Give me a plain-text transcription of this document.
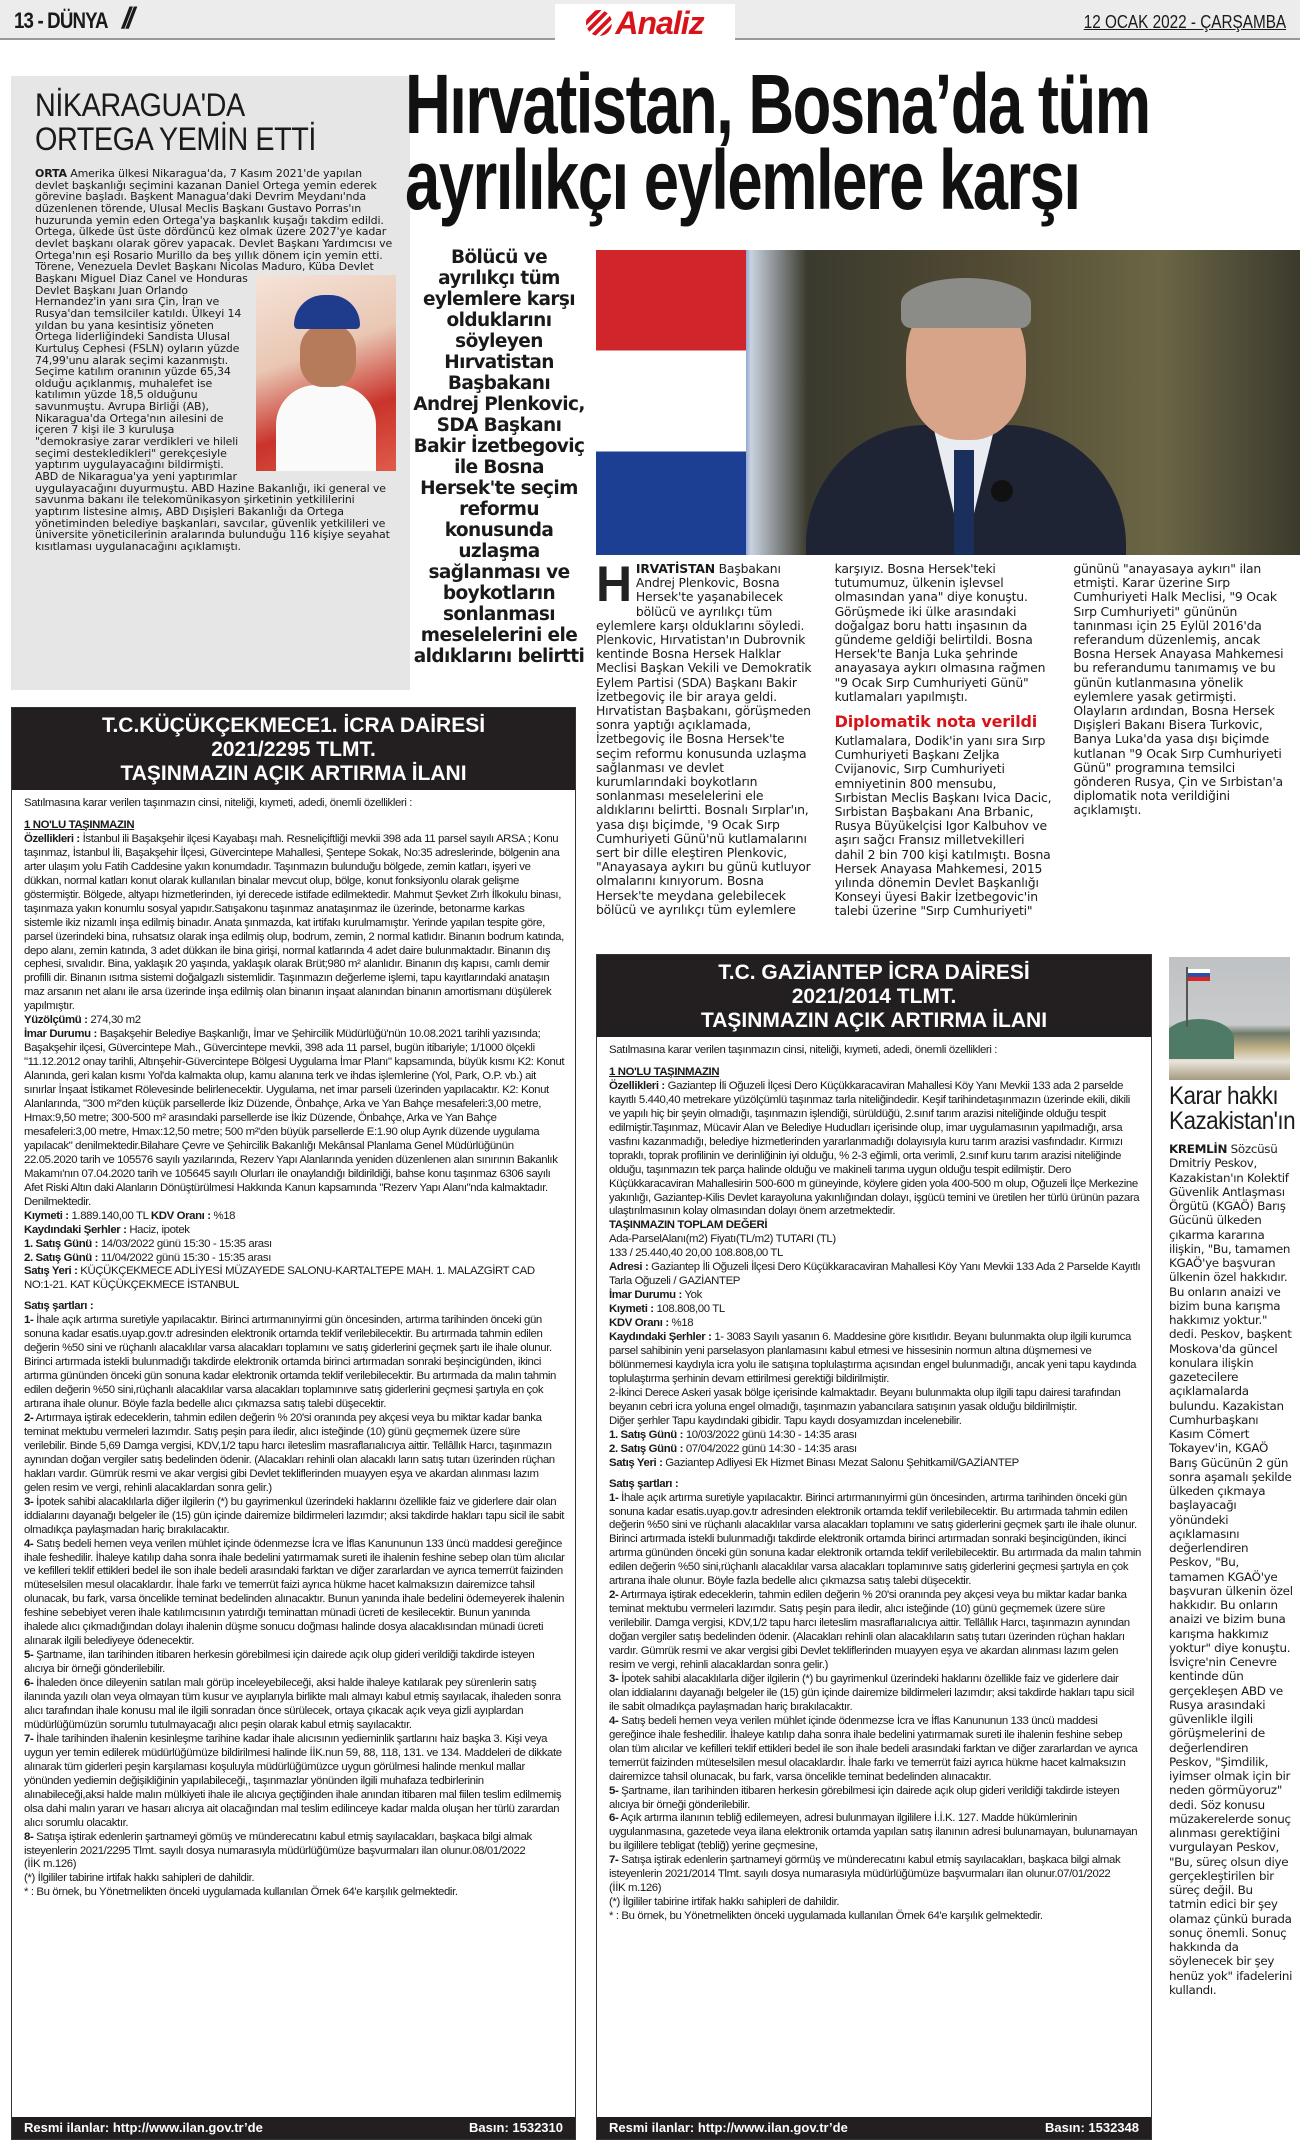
13 - DÜNYA //	Analiz	12 OCAK 2022 - ÇARŞAMBA
NİKARAGUA'DA
ORTEGA YEMİN ETTİ
ORTA Amerika ülkesi Nikaragua'da, 7 Kasım 2021'de yapılan devlet başkanlığı seçimini kazanan Daniel Ortega yemin ederek görevine başladı. Başkent Managua'daki Devrim Meydanı'nda düzenlenen törende, Ulusal Meclis Başkanı Gustavo Porras'ın huzurunda yemin eden Ortega'ya başkanlık kuşağı takdim edildi. Ortega, ülkede üst üste dördüncü kez olmak üzere 2027'ye kadar devlet başkanı olarak görev yapacak. Devlet Başkanı Yardımcısı ve Ortega'nın eşi Rosario Murillo da beş yıllık dönem için yemin etti. Törene, Venezuela Devlet Başkanı Nicolas Maduro,
Küba Devlet Başkanı Miguel Diaz Canel ve Honduras Devlet Başkanı Juan Orlando Hernandez'in yanı sıra Çin, İran ve Rusya'dan temsilciler katıldı. Ülkeyi 14 yıldan bu yana kesintisiz yöneten Ortega liderliğindeki Sandista Ulusal Kurtuluş Cephesi (FSLN) oyların yüzde 74,99'unu alarak seçimi kazanmıştı. Seçime katılım oranının yüzde 65,34 olduğu açıklanmış, muhalefet ise katılımın yüzde 18,5 olduğunu savunmuştu. Avrupa Birliği (AB), Nikaragua'da Ortega'nın ailesini de içeren 7 kişi ile 3 kuruluşa "demokrasiye zarar verdikleri ve hileli seçimi destekledikleri" gerekçesiyle yaptırım uygulayacağını bildirmişti. ABD de Nikaragua'ya yeni yaptırımlar uygulayacağını duyurmuştu. ABD Hazine Bakanlığı, iki general ve savunma bakanı ile telekomünikasyon şirketinin yetkililerini yaptırım listesine almış, ABD Dışişleri Bakanlığı da Ortega yönetiminden belediye başkanları, savcılar, güvenlik yetkilileri ve üniversite yöneticilerinin aralarında bulunduğu 116 kişiye seyahat kısıtlaması uygulanacağını açıklamıştı.
Hırvatistan, Bosna’da tüm
ayrılıkçı eylemlere karşı
Bölücü ve ayrılıkçı tüm eylemlere karşı olduklarını söyleyen Hırvatistan Başbakanı Andrej Plenkovic, SDA Başkanı Bakir İzetbegoviç ile Bosna Hersek'te seçim reformu konusunda uzlaşma sağlanması ve boykotların sonlanması meselelerini ele aldıklarını belirtti

HIRVATİSTAN Başbakanı Andrej Plenkovic, Bosna Hersek'te yaşanabilecek bölücü ve ayrılıkçı tüm eylemlere karşı olduklarını söyledi. Plenkovic, Hırvatistan'ın Dubrovnik kentinde Bosna Hersek Halklar Meclisi Başkan Vekili ve Demokratik Eylem Partisi (SDA) Başkanı Bakir İzetbegoviç ile bir araya geldi. Hırvatistan Başbakanı, görüşmeden sonra yaptığı açıklamada, İzetbegoviç ile Bosna Hersek'te seçim reformu konusunda uzlaşma sağlanması ve devlet kurumlarındaki boykotların sonlanması meselelerini ele aldıklarını belirtti. Bosnalı Sırplar'ın, yasa dışı biçimde, '9 Ocak Sırp Cumhuriyeti Günü'nü kutlamalarını sert bir dille eleştiren Plenkovic, "Anayasaya aykırı bu günü kutluyor olmalarını kınıyorum. Bosna Hersek'te meydana gelebilecek bölücü ve ayrılıkçı tüm eylemlere karşıyız. Bosna Hersek'teki tutumumuz, ülkenin işlevsel olmasından yana" diye konuştu. Görüşmede iki ülke arasındaki doğalgaz boru hattı inşasının da gündeme geldiği belirtildi. Bosna Hersek'te Banja Luka şehrinde anayasaya aykırı olmasına rağmen "9 Ocak Sırp Cumhuriyeti Günü" kutlamaları yapılmıştı.

Diplomatik nota verildi

Kutlamalara, Dodik'in yanı sıra Sırp Cumhuriyeti Başkanı Zeljka Cvijanovic, Sırp Cumhuriyeti emniyetinin 800 mensubu, Sırbistan Meclis Başkanı Ivica Dacic, Sırbistan Başbakanı Ana Brbanic, Rusya Büyükelçisi Igor Kalbuhov ve aşırı sağcı Fransız milletvekilleri dahil 2 bin 700 kişi katılmıştı. Bosna Hersek Anayasa Mahkemesi, 2015 yılında dönemin Devlet Başkanlığı Konseyi üyesi Bakir İzetbegovic'in talebi üzerine "Sırp Cumhuriyeti" gününü "anayasaya aykırı" ilan etmişti. Karar üzerine Sırp Cumhuriyeti Halk Meclisi, "9 Ocak Sırp Cumhuriyeti" gününün tanınması için 25 Eylül 2016'da referandum düzenlemiş, ancak Bosna Hersek Anayasa Mahkemesi bu referandumu tanımamış ve bu günün kutlanmasına yönelik eylemlere yasak getirmişti. Olayların ardından, Bosna Hersek Dışişleri Bakanı Bisera Turkovic, Banya Luka'da yasa dışı biçimde kutlanan "9 Ocak Sırp Cumhuriyeti Günü" programına temsilci gönderen Rusya, Çin ve Sırbistan'a diplomatik nota verildiğini açıklamıştı.

T.C.KÜÇÜKÇEKMECE1. İCRA DAİRESİ
2021/2295 TLMT.
TAŞINMAZIN AÇIK ARTIRMA İLANI
Satılmasına karar verilen taşınmazın cinsi, niteliği, kıymeti, adedi, önemli özellikleri :
1 NO'LU TAŞINMAZIN
Özellikleri : İstanbul ili Başakşehir ilçesi Kayabaşı mah. Resneliçiftliği mevkii 398 ada 11 parsel sayılı ARSA ; Konu taşınmaz, İstanbul İli, Başakşehir İlçesi, Güvercintepe Mahallesi, Şentepe Sokak, No:35 adreslerinde, bölgenin ana arter ulaşım yolu Fatih Caddesine yakın konumdadır. Taşınmazın bulunduğu bölgede, zemin katları, işyeri ve dükkan, normal katları konut olarak kullanılan binalar mevcut olup, bölge, konut fonksiyonlu olarak gelişme göstermiştir. Bölgede, altyapı hizmetlerinden, iyi derecede istifade edilmektedir. Mahmut Şevket Zırh İlkokulu binası, taşınmaza yakın konumlu sosyal yapıdır.Satışakonu taşınmaz anataşınmaz ile üzerinde, betonarme karkas sistemle ikiz nizamlı inşa edilmiş binadır. Anata şınmazda, kat irtifakı kurulmamıştır. Yerinde yapılan tespite göre, parsel üzerindeki bina, ruhsatsız olarak inşa edilmiş olup, bodrum, zemin, 2 normal katlıdır. Binanın bodrum katında, depo alanı, zemin katında, 3 adet dükkan ile bina girişi, normal katlarında 4 adet daire bulunmaktadır. Binanın dış cephesi, sıvalıdır. Bina, yaklaşık 20 yaşında, yaklaşık olarak Brüt;980 m² alanlıdır. Binanın dış kapısı, camlı demir profilli dir. Binanın ısıtma sistemi doğalgazlı sistemlidir. Taşınmazın değerleme işlemi, tapu kayıtlarındaki anataşın maz arsanın net alanı ile arsa üzerinde inşa edilmiş olan binanın inşaat alanından binanın amortismanı düşülerek yapılmıştır.
Yüzölçümü : 274,30 m2
İmar Durumu : Başakşehir Belediye Başkanlığı, İmar ve Şehircilik Müdürlüğü'nün 10.08.2021 tarihli yazısında; Başakşehir ilçesi, Güvercintepe Mah., Güvercintepe mevkii, 398 ada 11 parsel, bugün itibariyle; 1/1000 ölçekli "11.12.2012 onay tarihli, Altınşehir-Güvercintepe Bölgesi Uygulama İmar Planı" kapsamında, büyük kısmı K2: Konut Alanında, geri kalan kısmı Yol'da kalmakta olup, kamu alanına terk ve ihdas işlemlerine (Yol, Park, O.P. vb.) ait sınırlar İnşaat İstikamet Rölevesinde belirlenecektir. Uygulama, net imar parseli üzerinden yapılacaktır. K2: Konut Alanlarında, "300 m²'den küçük parsellerde İkiz Düzende, Önbahçe, Arka ve Yan Bahçe mesafeleri:3,00 metre, Hmax:9,50 metre; 300-500 m² arasındaki parsellerde ise İkiz Düzende, Önbahçe, Arka ve Yan Bahçe mesafeleri:3,00 metre, Hmax:12,50 metre; 500 m²'den büyük parsellerde E:1.90 olup Ayrık düzende uygulama yapılacak" denilmektedir.Bilahare Çevre ve Şehircilik Bakanlığı Mekânsal Planlama Genel Müdürlüğünün 22.05.2020 tarih ve 105576 sayılı yazılarında, Rezerv Yapı Alanlarında yeniden düzenlenen alan sınırının Bakanlık Makamı'nın 07.04.2020 tarih ve 105645 sayılı Olurları ile onaylandığı bildirildiği, bahse konu taşınmaz 6306 sayılı Afet Riski Altın daki Alanların Dönüştürülmesi Hakkında Kanun kapsamında "Rezerv Yapı Alanı"nda kalmaktadır. Denilmektedir.
Kıymeti : 1.889.140,00 TL KDV Oranı : %18
Kaydındaki Şerhler : Haciz, ipotek
1. Satış Günü : 14/03/2022 günü 15:30 - 15:35 arası
2. Satış Günü : 11/04/2022 günü 15:30 - 15:35 arası
Satış Yeri : KÜÇÜKÇEKMECE ADLİYESİ MÜZAYEDE SALONU-KARTALTEPE MAH. 1. MALAZGİRT CAD NO:1-21. KAT KÜÇÜKÇEKMECE İSTANBUL
Satış şartları :
1- İhale açık artırma suretiyle yapılacaktır. Birinci artırmanınyirmi gün öncesinden, artırma tarihinden önceki gün sonuna kadar esatis.uyap.gov.tr adresinden elektronik ortamda teklif verilebilecektir. Bu artırmada tahmin edilen değerin %50 sini ve rüçhanlı alacaklılar varsa alacakları toplamını ve satış giderlerini geçmek şartı ile ihale olunur. Birinci artırmada istekli bulunmadığı takdirde elektronik ortamda birinci artırmadan sonraki beşincigünden, ikinci artırma gününden önceki gün sonuna kadar elektronik ortamda teklif verilebilecektir. Bu artırmada da malın tahmin edilen değerin %50 sini,rüçhanlı alacaklılar varsa alacakları toplamınıve satış giderlerini geçmesi şartıyla en çok artırana ihale olunur. Böyle fazla bedelle alıcı çıkmazsa satış talebi düşecektir.
2- Artırmaya iştirak edeceklerin, tahmin edilen değerin % 20'si oranında pey akçesi veya bu miktar kadar banka teminat mektubu vermeleri lazımdır. Satış peşin para iledir, alıcı isteğinde (10) günü geçmemek üzere süre verilebilir. Binde 5,69 Damga vergisi, KDV,1/2 tapu harcı ileteslim masraflarıalıcıya aittir. Tellâllık Harcı, taşınmazın aynından doğan vergiler satış bedelinden ödenir. (Alacakları rehinli olan alacaklı ların satış tutarı üzerinden rüçhan hakları vardır. Gümrük resmi ve akar vergisi gibi Devlet tekliflerinden muayyen eşya ve akardan alınması lazım gelen resim ve vergi, rehinli alacaklardan sonra gelir.)
3- İpotek sahibi alacaklılarla diğer ilgilerin (*) bu gayrimenkul üzerindeki haklarını özellikle faiz ve giderlere dair olan iddialarını dayanağı belgeler ile (15) gün içinde dairemize bildirmeleri lazımdır; aksi takdirde hakları tapu sicil ile sabit olmadıkça paylaşmadan hariç bırakılacaktır.
4- Satış bedeli hemen veya verilen mühlet içinde ödenmezse İcra ve İflas Kanununun 133 üncü maddesi gereğince ihale feshedilir. İhaleye katılıp daha sonra ihale bedelini yatırmamak sureti ile ihalenin feshine sebep olan tüm alıcılar ve kefilleri teklif ettikleri bedel ile son ihale bedeli arasındaki farktan ve diğer zararlardan ve ayrıca temerrüt faizinden müteselsilen mesul olacaklardır. İhale farkı ve temerrüt faizi ayrıca hükme hacet kalmaksızın dairemizce tahsil olunacak, bu fark, varsa öncelikle teminat bedelinden alınacaktır. Bunun yanında ihale bedelini ödemeyerek ihalenin feshine sebebiyet veren ihale katılımcısının yatırdığı teminattan münadi ücreti de kesilecektir. Bunun yanında ihalede alıcı çıkmadığından dolayı ihalenin düşme sonucu doğması halinde dosya alacaklısından münadi ücreti alınarak ilgili belediyeye ödenecektir.
5- Şartname, ilan tarihinden itibaren herkesin görebilmesi için dairede açık olup gideri verildiği takdirde isteyen alıcıya bir örneği gönderilebilir.
6- İhaleden önce dileyenin satılan malı görüp inceleyebileceği, aksi halde ihaleye katılarak pey sürenlerin satış ilanında yazılı olan veya olmayan tüm kusur ve ayıplarıyla birlikte malı almayı kabul etmiş sayılacak, ihaleden sonra alıcı tarafından ihale konusu mal ile ilgili sonradan önce sürülecek, ortaya çıkacak açık veya gizli ayıplardan müdürlüğümüzün sorumlu tutulmayacağı alıcı peşin olarak kabul etmiş sayılacaktır.
7- İhale tarihinden ihalenin kesinleşme tarihine kadar ihale alıcısının yedieminlik şartlarını haiz başka 3. Kişi veya uygun yer temin edilerek müdürlüğümüze bildirilmesi halinde İİK.nun 59, 88, 118, 131. ve 134. Maddeleri de dikkate alınarak tüm giderleri peşin karşılaması koşuluyla müdürlüğümüzce uygun görülmesi halinde menkul mallar yönünden yediemin değişikliğinin yapılabileceği,, taşınmazlar yönünden ilgili muhafaza tedbirlerinin alınabileceği,aksi halde malın mülkiyeti ihale ile alıcıya geçtiğinden ihale anından itibaren mal fiilen teslim edilmemiş olsa dahi malın yararı ve hasarı alıcıya ait olacağından mal teslim edilinceye kadar malda oluşan her türlü zarardan alıcı sorumlu olacaktır.
8- Satışa iştirak edenlerin şartnameyi gömüş ve münderecatını kabul etmiş sayılacakları, başkaca bilgi almak isteyenlerin 2021/2295 Tlmt. sayılı dosya numarasıyla müdürlüğümüze başvurmaları ilan olunur.08/01/2022
(İİK m.126)
(*) İlgililer tabirine irtifak hakkı sahipleri de dahildir.
* : Bu örnek, bu Yönetmelikten önceki uygulamada kullanılan Örnek 64'e karşılık gelmektedir.
Resmi ilanlar: http://www.ilan.gov.tr’de	Basın: 1532310
T.C. GAZİANTEP İCRA DAİRESİ
2021/2014 TLMT.
TAŞINMAZIN AÇIK ARTIRMA İLANI
Satılmasına karar verilen taşınmazın cinsi, niteliği, kıymeti, adedi, önemli özellikleri :
1 NO'LU TAŞINMAZIN
Özellikleri : Gaziantep İli Oğuzeli İlçesi Dero Küçükkaracaviran Mahallesi Köy Yanı Mevkii 133 ada 2 parselde kayıtlı 5.440,40 metrekare yüzölçümlü taşınmaz tarla niteliğindedir. Keşif tarihindetaşınmazın üzerinde ekili, dikili ve yapılı hiç bir şeyin olmadığı, taşınmazın işlendiği, sürüldüğü, 2.sınıf tarım arazisi niteliğinde olduğu tespit edilmiştir.Taşınmaz, Mücavir Alan ve Belediye Hududları içerisinde olup, imar uygulamasının yapılmadığı, arsa vasfını kazanmadığı, belediye hizmetlerinden yararlanmadığı dolayısıyla kuru tarım arazisi vasfındadır. Kırmızı topraklı, toprak profilinin ve derinliğinin iyi olduğu, % 2-3 eğimli, orta verimli, 2.sınıf kuru tarım arazisi niteliğinde olduğu, taşınmazın tek parça halinde olduğu ve makineli tarıma uygun olduğu tespit edilmiştir. Dero Küçükkaracaviran Mahallesirin 500-600 m güneyinde, köylere giden yola 400-500 m olup, Oğuzeli İlçe Merkezine yakınlığı, Gaziantep-Kilis Devlet karayoluna yakınlığından dolayı, işgücü temini ve üretilen her türlü ürünün pazara ulaştırılmasının kolay olmasından dolayı önem arzetmektedir.
TAŞINMAZIN TOPLAM DEĞERİ
Ada-ParselAlanı(m2) Fiyatı(TL/m2) TUTARI (TL)
133 / 25.440,40 20,00 108.808,00 TL
Adresi : Gaziantep İli Oğuzeli İlçesi Dero Küçükkaracaviran Mahallesi Köy Yanı Mevkii 133 Ada 2 Parselde Kayıtlı Tarla Oğuzeli / GAZİANTEP
İmar Durumu : Yok
Kıymeti : 108.808,00 TL
KDV Oranı : %18
Kaydındaki Şerhler : 1- 3083 Sayılı yasanın 6. Maddesine göre kısıtlıdır. Beyanı bulunmakta olup ilgili kurumca parsel sahibinin yeni parselasyon planlamasını kabul etmesi ve hissesinin normun altına düşmemesi ve bölünmemesi kaydıyla icra yolu ile satışına toplulaştırma açısından engel bulunmadığı, ancak yeni tapu kaydında toplulaştırma şerhinin devam ettirilmesi gerektiği bildirilmiştir.
2-İkinci Derece Askeri yasak bölge içerisinde kalmaktadır. Beyanı bulunmakta olup ilgili tapu dairesi tarafından beyanın cebri icra yoluna engel olmadığı, taşınmazın yabancılara satışının yasak olduğu bildirilmiştir.
Diğer şerhler Tapu kaydındaki gibidir. Tapu kaydı dosyamızdan incelenebilir.
1. Satış Günü : 10/03/2022 günü 14:30 - 14:35 arası
2. Satış Günü : 07/04/2022 günü 14:30 - 14:35 arası
Satış Yeri : Gaziantep Adliyesi Ek Hizmet Binası Mezat Salonu Şehitkamil/GAZİANTEP
Satış şartları :
1- İhale açık artırma suretiyle yapılacaktır. Birinci artırmanınyirmi gün öncesinden, artırma tarihinden önceki gün sonuna kadar esatis.uyap.gov.tr adresinden elektronik ortamda teklif verilebilecektir. Bu artırmada tahmin edilen değerin %50 sini ve rüçhanlı alacaklılar varsa alacakları toplamını ve satış giderlerini geçmek şartı ile ihale olunur. Birinci artırmada istekli bulunmadığı takdirde elektronik ortamda birinci artırmadan sonraki beşincigünden, ikinci artırma gününden önceki gün sonuna kadar elektronik ortamda teklif verilebilecektir. Bu artırmada da malın tahmin edilen değerin %50 sini,rüçhanlı alacaklılar varsa alacakları toplamınıve satış giderlerini geçmesi şartıyla en çok artırana ihale olunur. Böyle fazla bedelle alıcı çıkmazsa satış talebi düşecektir.
2- Artırmaya iştirak edeceklerin, tahmin edilen değerin % 20'si oranında pey akçesi veya bu miktar kadar banka teminat mektubu vermeleri lazımdır. Satış peşin para iledir, alıcı isteğinde (10) günü geçmemek üzere süre verilebilir. Damga vergisi, KDV,1/2 tapu harcı ileteslim masraflarıalıcıya aittir. Tellâllık Harcı, taşınmazın aynından doğan vergiler satış bedelinden ödenir. (Alacakları rehinli olan alacaklıların satış tutarı üzerinden rüçhan hakları vardır. Gümrük resmi ve akar vergisi gibi Devlet tekliflerinden muayyen eşya ve akardan alınması lazım gelen resim ve vergi, rehinli alacaklardan sonra gelir.)
3- İpotek sahibi alacaklılarla diğer ilgilerin (*) bu gayrimenkul üzerindeki haklarını özellikle faiz ve giderlere dair olan iddialarını dayanağı belgeler ile (15) gün içinde dairemize bildirmeleri lazımdır; aksi takdirde hakları tapu sicil ile sabit olmadıkça paylaşmadan hariç bırakılacaktır.
4- Satış bedeli hemen veya verilen mühlet içinde ödenmezse İcra ve İflas Kanununun 133 üncü maddesi gereğince ihale feshedilir. İhaleye katılıp daha sonra ihale bedelini yatırmamak sureti ile ihalenin feshine sebep olan tüm alıcılar ve kefilleri teklif ettikleri bedel ile son ihale bedeli arasındaki farktan ve diğer zararlardan ve ayrıca temerrüt faizinden müteselsilen mesul olacaklardır. İhale farkı ve temerrüt faizi ayrıca hükme hacet kalmaksızın dairemizce tahsil olunacak, bu fark, varsa öncelikle teminat bedelinden alınacaktır.
5- Şartname, ilan tarihinden itibaren herkesin görebilmesi için dairede açık olup gideri verildiği takdirde isteyen alıcıya bir örneği gönderilebilir.
6- Açık artırma ilanının tebliğ edilemeyen, adresi bulunmayan ilgililere İ.İ.K. 127. Madde hükümlerinin uygulanmasına, gazetede veya ilana elektronik ortamda yapılan satış ilanının adresi bulunamayan, bulunamayan bu ilgililere tebligat (tebliğ) yerine geçmesine,
7- Satışa iştirak edenlerin şartnameyi görmüş ve münderecatını kabul etmiş sayılacakları, başkaca bilgi almak isteyenlerin 2021/2014 Tlmt. sayılı dosya numarasıyla müdürlüğümüze başvurmaları ilan olunur.07/01/2022
(İİK m.126)
(*) İlgililer tabirine irtifak hakkı sahipleri de dahildir.
* : Bu örnek, bu Yönetmelikten önceki uygulamada kullanılan Örnek 64'e karşılık gelmektedir.
Resmi ilanlar: http://www.ilan.gov.tr’de	Basın: 1532348
Karar hakkı
Kazakistan'ın
KREMLİN Sözcüsü Dmitriy Peskov, Kazakistan'ın Kolektif Güvenlik Antlaşması Örgütü (KGAÖ) Barış Gücünü ülkeden çıkarma kararına ilişkin, "Bu, tamamen KGAÖ'ye başvuran ülkenin özel hakkıdır. Bu onların anaizi ve bizim buna karışma hakkımız yoktur." dedi. Peskov, başkent Moskova'da güncel konulara ilişkin gazetecilere açıklamalarda bulundu. Kazakistan Cumhurbaşkanı Kasım Cömert Tokayev'in, KGAÖ Barış Gücünün 2 gün sonra aşamalı şekilde ülkeden çıkmaya başlayacağı yönündeki açıklamasını değerlendiren Peskov, "Bu, tamamen KGAÖ'ye başvuran ülkenin özel hakkıdır. Bu onların anaizi ve bizim buna karışma hakkımız yoktur" diye konuştu. İsviçre'nin Cenevre kentinde dün gerçekleşen ABD ve Rusya arasındaki güvenlikle ilgili görüşmelerini de değerlendiren Peskov, "Şimdilik, iyimser olmak için bir neden görmüyoruz" dedi. Söz konusu müzakerelerde sonuç alınması gerektiğini vurgulayan Peskov, "Bu, süreç olsun diye gerçekleştirilen bir süreç değil. Bu tatmin edici bir şey olamaz çünkü burada sonuç önemli. Sonuç hakkında da söylenecek bir şey henüz yok" ifadelerini kullandı.
